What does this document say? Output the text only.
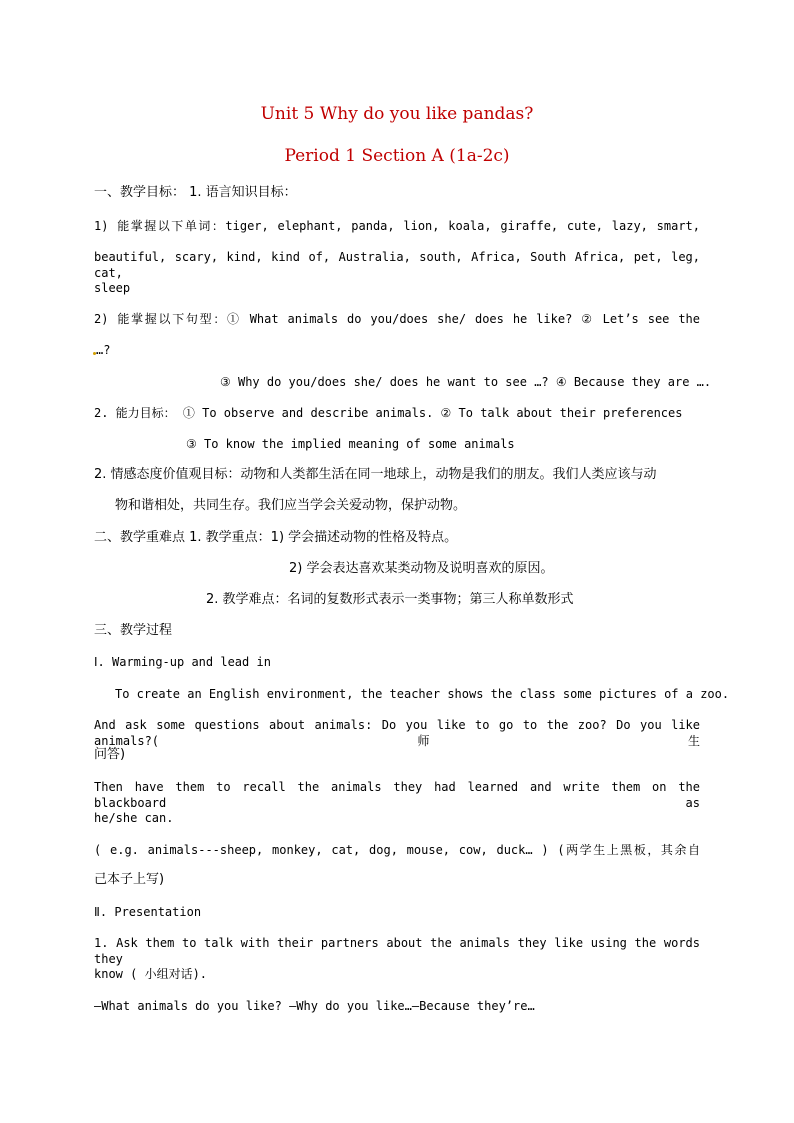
Unit 5 Why do you like pandas?
Period 1 Section A (1a-2c)
一、教学目标： 1. 语言知识目标：
1) 能掌握以下单词：tiger, elephant, panda, lion, koala, giraffe, cute, lazy, smart,
beautiful, scary, kind, kind of, Australia, south, Africa, South Africa, pet, leg, cat,
sleep
2) 能掌握以下句型：① What animals do you/does she/ does he like? ② Let’s see the
…?
③ Why do you/does she/ does he want to see …? ④ Because they are ….
2. 能力目标： ① To observe and describe animals. ② To talk about their preferences
③ To know the implied meaning of some animals
2. 情感态度价值观目标：动物和人类都生活在同一地球上，动物是我们的朋友。我们人类应该与动
物和谐相处，共同生存。我们应当学会关爱动物，保护动物。
二、教学重难点 1. 教学重点：1) 学会描述动物的性格及特点。
2) 学会表达喜欢某类动物及说明喜欢的原因。
2. 教学难点：名词的复数形式表示一类事物；第三人称单数形式
三、教学过程
Ⅰ. Warming-up and lead in
To create an English environment, the teacher shows the class some pictures of a zoo.
And ask some questions about animals: Do you like to go to the zoo? Do you like animals?(师生
问答)
Then have them to recall the animals they had learned and write them on the blackboard as
he/she can.
( e.g. animals---sheep, monkey, cat, dog, mouse, cow, duck… ) (两学生上黑板，其余自
己本子上写)
Ⅱ. Presentation
1. Ask them to talk with their partners about the animals they like using the words they
know ( 小组对话).
—What animals do you like? —Why do you like…—Because they’re…
